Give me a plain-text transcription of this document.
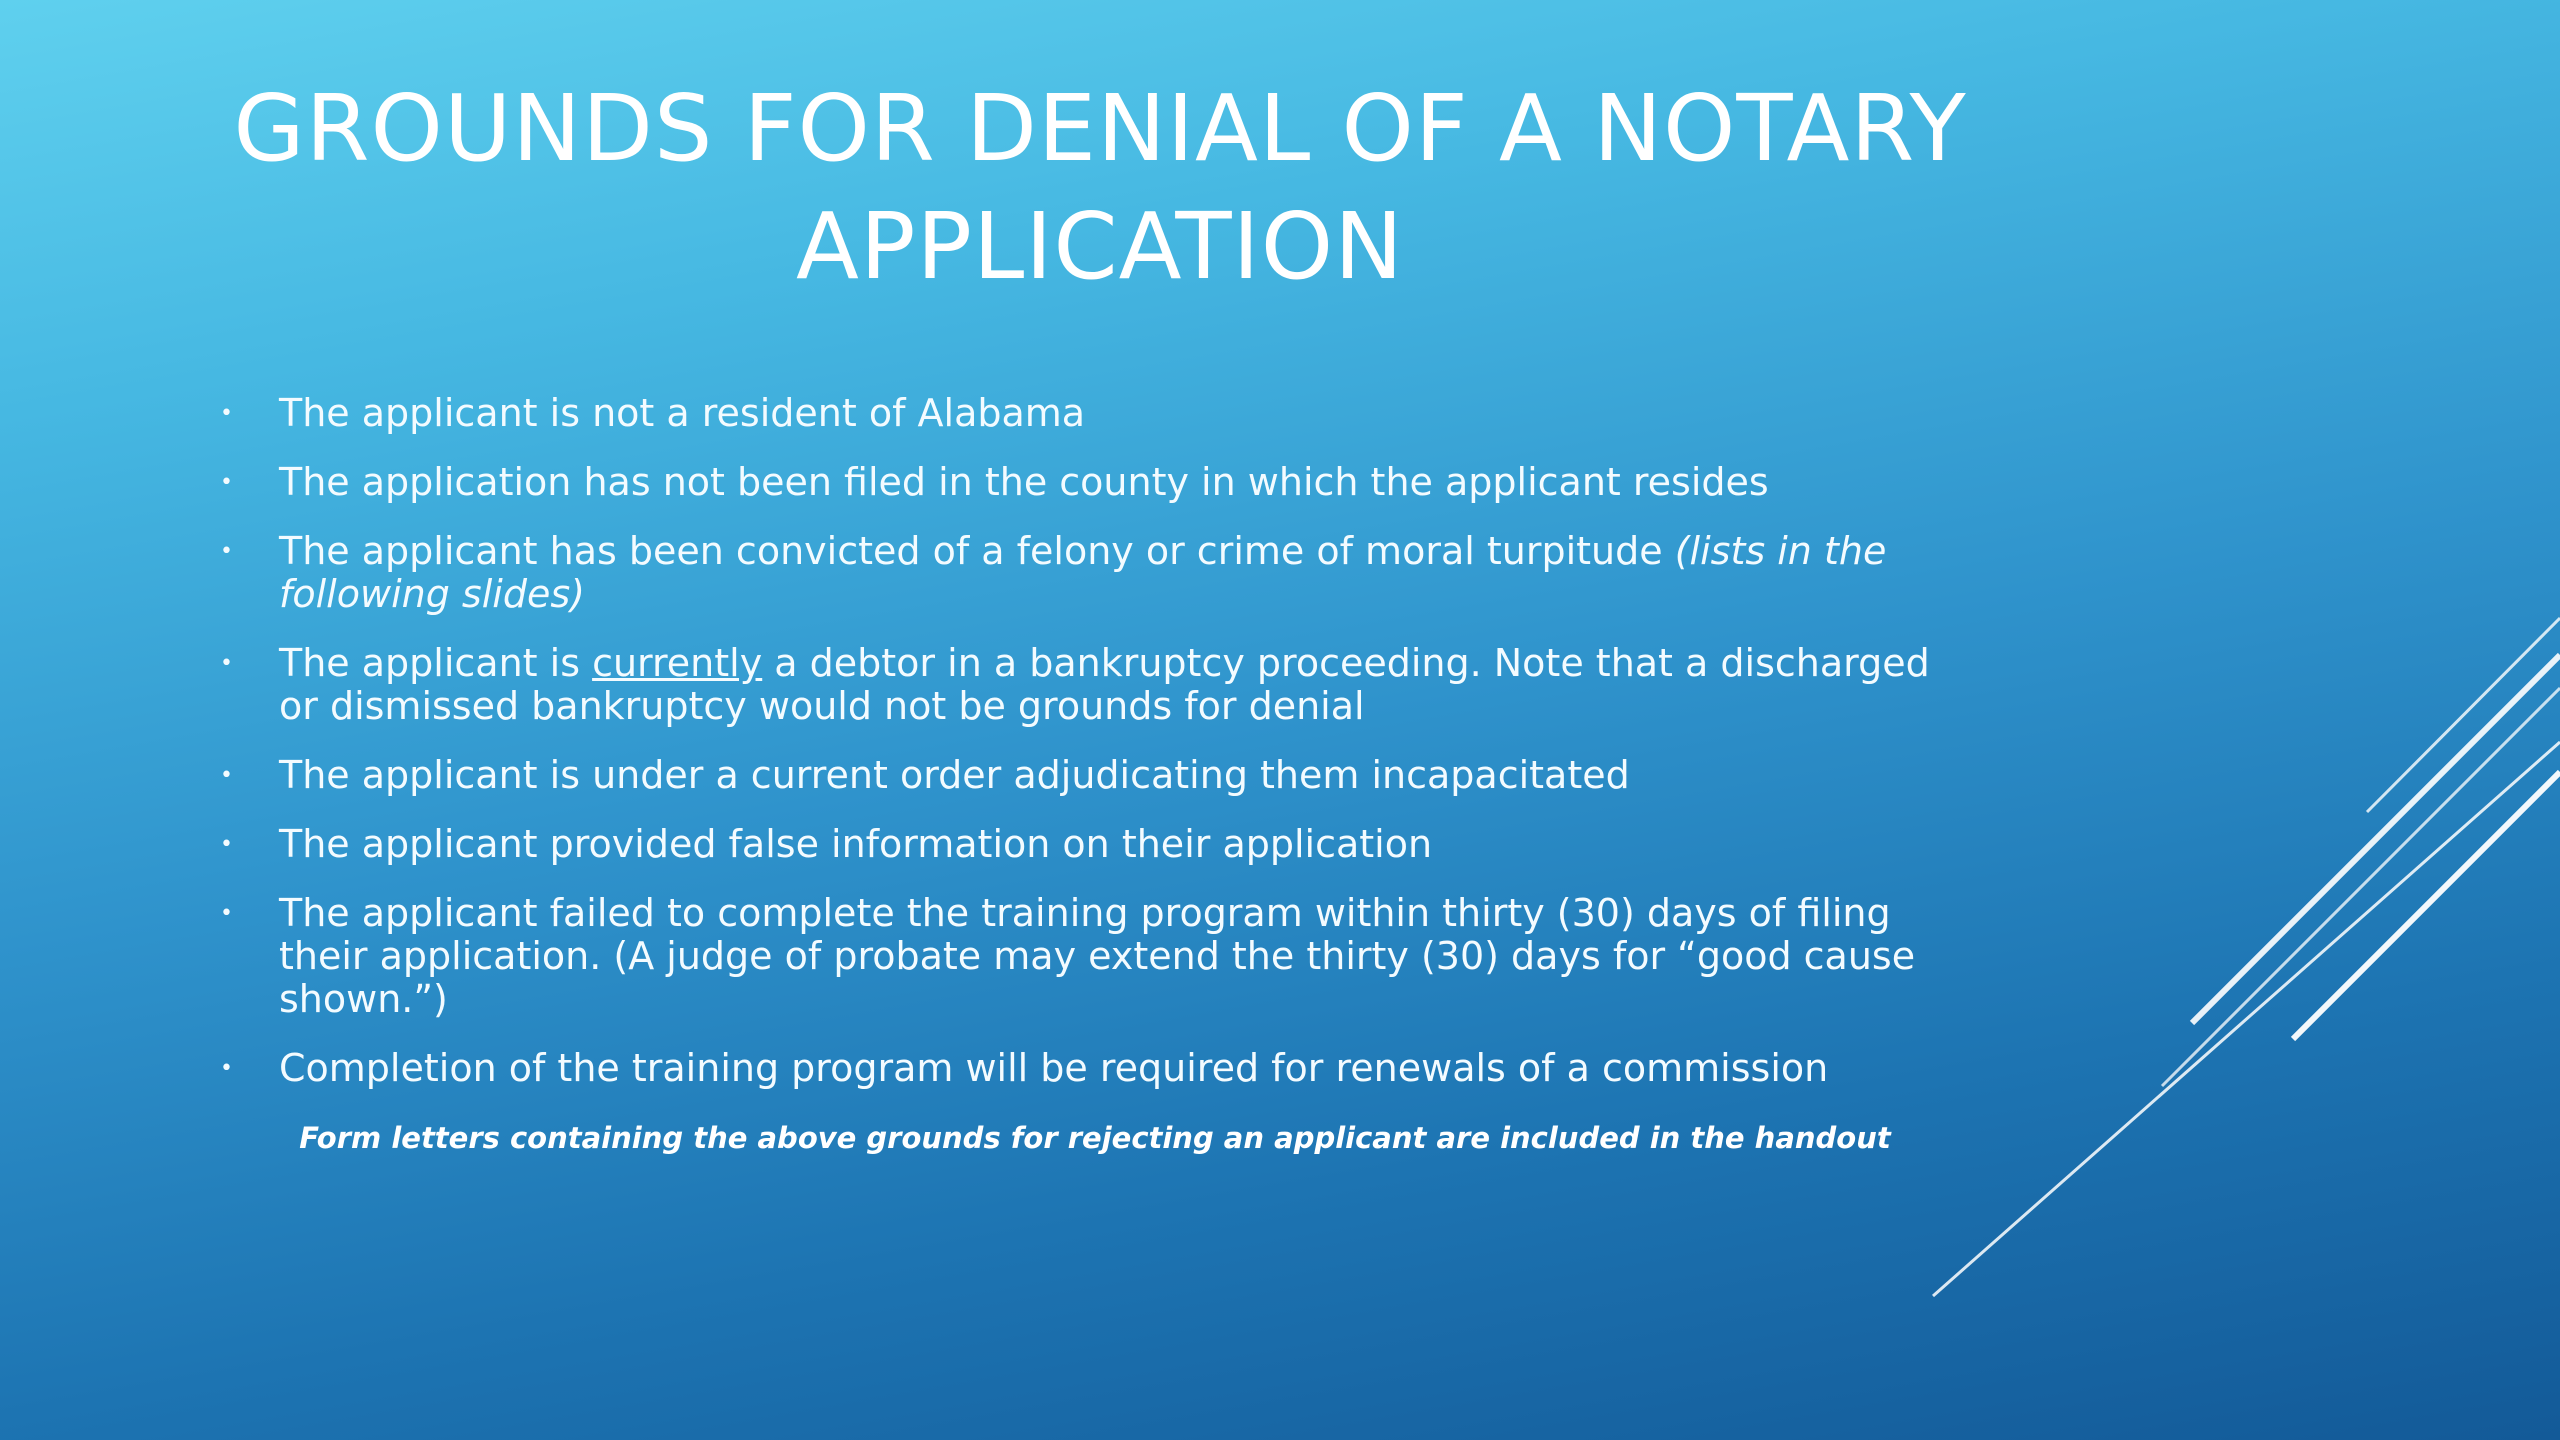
GROUNDS FOR DENIAL OF A NOTARY
APPLICATION
• The applicant is not a resident of Alabama
• The application has not been filed in the county in which the applicant resides
• The applicant has been convicted of a felony or crime of moral turpitude (lists in the following slides)
• The applicant is currently a debtor in a bankruptcy proceeding. Note that a discharged or dismissed bankruptcy would not be grounds for denial
• The applicant is under a current order adjudicating them incapacitated
• The applicant provided false information on their application
• The applicant failed to complete the training program within thirty (30) days of filing their application. (A judge of probate may extend the thirty (30) days for “good cause shown.”)
• Completion of the training program will be required for renewals of a commission

Form letters containing the above grounds for rejecting an applicant are included in the handout
